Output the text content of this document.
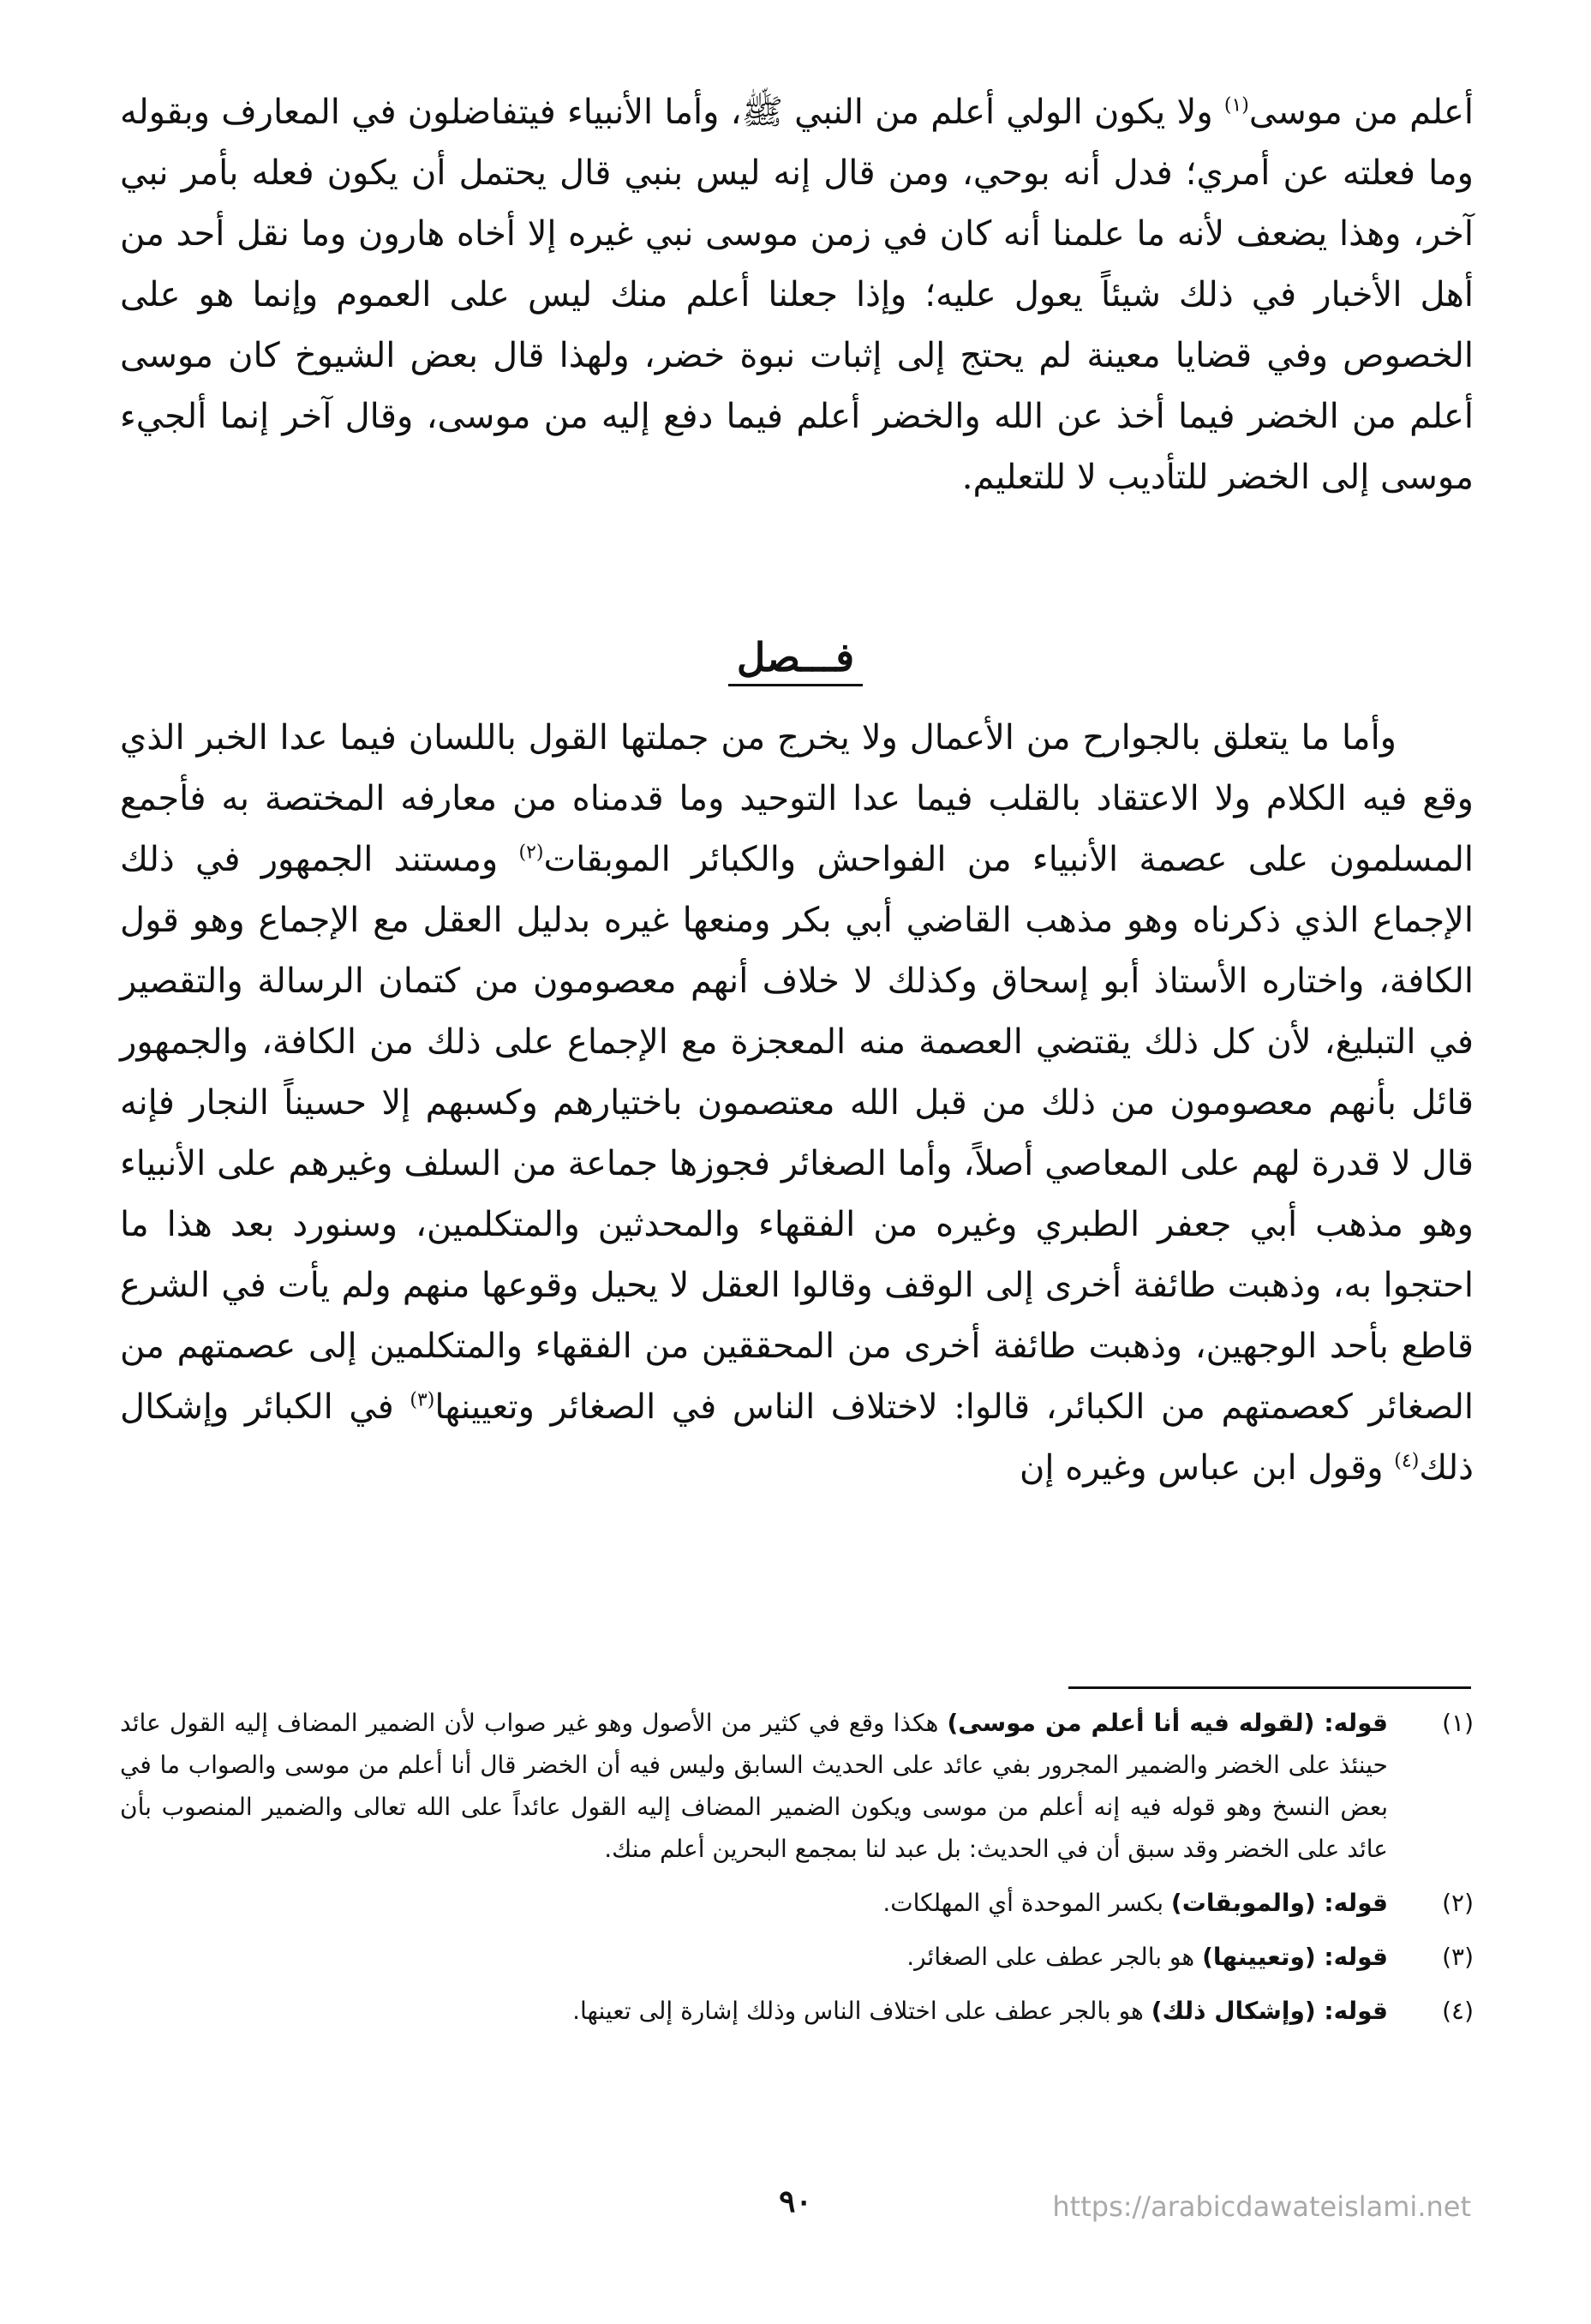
أعلم من موسى$^{(١)}$ ولا يكون الولي أعلم من النبي ﷺ، وأما الأنبياء فيتفاضلون في المعارف وبقوله وما فعلته عن أمري؛ فدل أنه بوحي، ومن قال إنه ليس بنبي قال يحتمل أن يكون فعله بأمر نبي آخر، وهذا يضعف لأنه ما علمنا أنه كان في زمن موسى نبي غيره إلا أخاه هارون وما نقل أحد من أهل الأخبار في ذلك شيئاً يعول عليه؛ وإذا جعلنا أعلم منك ليس على العموم وإنما هو على الخصوص وفي قضايا معينة لم يحتج إلى إثبات نبوة خضر، ولهذا قال بعض الشيوخ كان موسى أعلم من الخضر فيما أخذ عن الله والخضر أعلم فيما دفع إليه من موسى، وقال آخر إنما ألجيء موسى إلى الخضر للتأديب لا للتعليم.

فـــصل

وأما ما يتعلق بالجوارح من الأعمال ولا يخرج من جملتها القول باللسان فيما عدا الخبر الذي وقع فيه الكلام ولا الاعتقاد بالقلب فيما عدا التوحيد وما قدمناه من معارفه المختصة به فأجمع المسلمون على عصمة الأنبياء من الفواحش والكبائر الموبقات$^{(٢)}$ ومستند الجمهور في ذلك الإجماع الذي ذكرناه وهو مذهب القاضي أبي بكر ومنعها غيره بدليل العقل مع الإجماع وهو قول الكافة، واختاره الأستاذ أبو إسحاق وكذلك لا خلاف أنهم معصومون من كتمان الرسالة والتقصير في التبليغ، لأن كل ذلك يقتضي العصمة منه المعجزة مع الإجماع على ذلك من الكافة، والجمهور قائل بأنهم معصومون من ذلك من قبل الله معتصمون باختيارهم وكسبهم إلا حسيناً النجار فإنه قال لا قدرة لهم على المعاصي أصلاً، وأما الصغائر فجوزها جماعة من السلف وغيرهم على الأنبياء وهو مذهب أبي جعفر الطبري وغيره من الفقهاء والمحدثين والمتكلمين، وسنورد بعد هذا ما احتجوا به، وذهبت طائفة أخرى إلى الوقف وقالوا العقل لا يحيل وقوعها منهم ولم يأت في الشرع قاطع بأحد الوجهين، وذهبت طائفة أخرى من المحققين من الفقهاء والمتكلمين إلى عصمتهم من الصغائر كعصمتهم من الكبائر، قالوا: لاختلاف الناس في الصغائر وتعيينها$^{(٣)}$ في الكبائر وإشكال ذلك$^{(٤)}$ وقول ابن عباس وغيره إن

(١)
قوله: (لقوله فيه أنا أعلم من موسى) هكذا وقع في كثير من الأصول وهو غير صواب لأن الضمير المضاف إليه القول عائد حينئذ على الخضر والضمير المجرور بفي عائد على الحديث السابق وليس فيه أن الخضر قال أنا أعلم من موسى والصواب ما في بعض النسخ وهو قوله فيه إنه أعلم من موسى ويكون الضمير المضاف إليه القول عائداً على الله تعالى والضمير المنصوب بأن عائد على الخضر وقد سبق أن في الحديث: بل عبد لنا بمجمع البحرين أعلم منك.
(٢)
قوله: (والموبقات) بكسر الموحدة أي المهلكات.
(٣)
قوله: (وتعيينها) هو بالجر عطف على الصغائر.
(٤)
قوله: (وإشكال ذلك) هو بالجر عطف على اختلاف الناس وذلك إشارة إلى تعينها.
٩٠	https://arabicdawateislami.net
